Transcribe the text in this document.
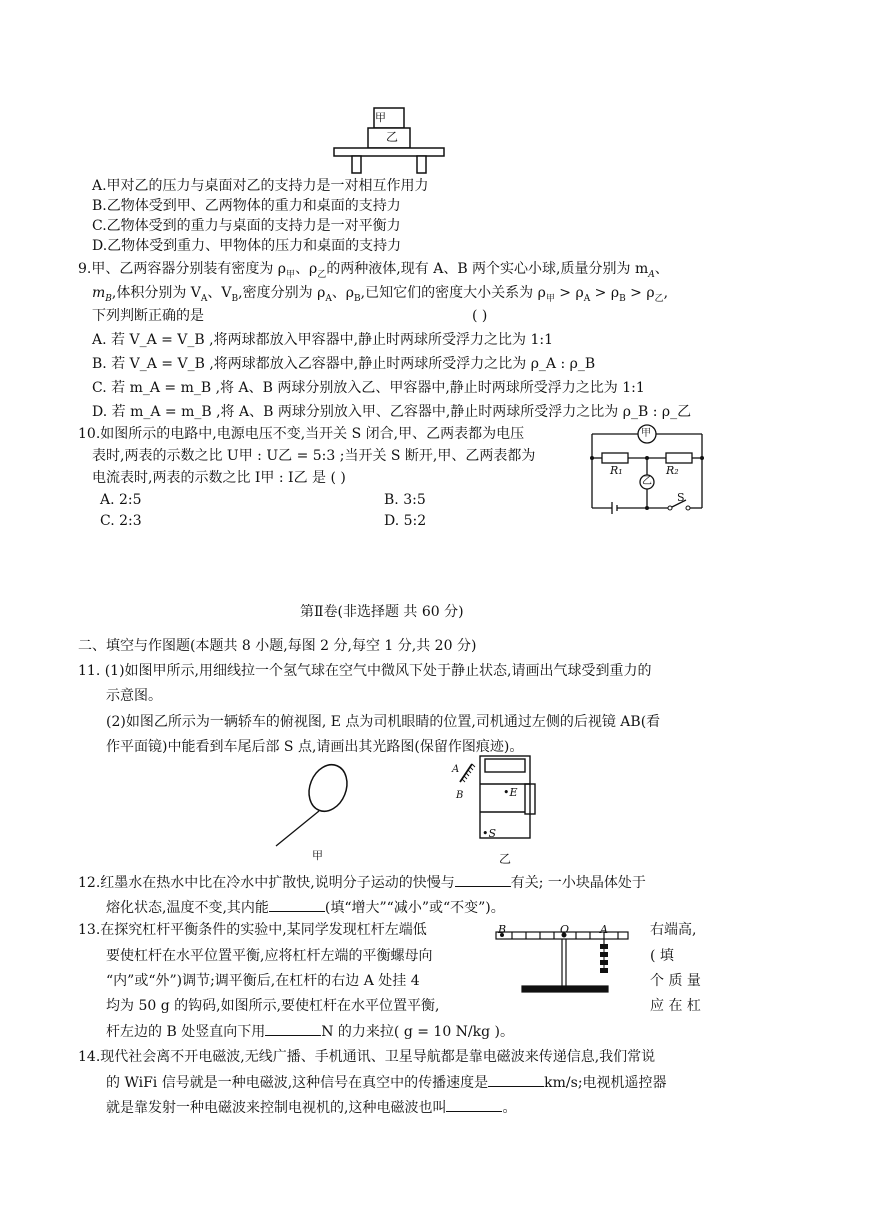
甲
乙
A.甲对乙的压力与桌面对乙的支持力是一对相互作用力
B.乙物体受到甲、乙两物体的重力和桌面的支持力
C.乙物体受到的重力与桌面的支持力是一对平衡力
D.乙物体受到重力、甲物体的压力和桌面的支持力
9.甲、乙两容器分别装有密度为 $\rho_甲$、$\rho_乙$的两种液体,现有 A、B 两个实心小球,质量分别为 $m_A$、
$m_B$,体积分别为 $V_A$、$V_B$,密度分别为 $\rho_A$、$\rho_B$,已知它们的密度大小关系为 $\rho_甲 > \rho_A > \rho_B > \rho_乙$,
下列判断正确的是	( )
A. 若 V_A = V_B ,将两球都放入甲容器中,静止时两球所受浮力之比为 1:1
B. 若 V_A = V_B ,将两球都放入乙容器中,静止时两球所受浮力之比为 ρ_A : ρ_B
C. 若 m_A = m_B ,将 A、B 两球分别放入乙、甲容器中,静止时两球所受浮力之比为 1:1
D. 若 m_A = m_B ,将 A、B 两球分别放入甲、乙容器中,静止时两球所受浮力之比为 ρ_B : ρ_乙
10.如图所示的电路中,电源电压不变,当开关 S 闭合,甲、乙两表都为电压
表时,两表的示数之比 U甲 : U乙 = 5:3 ;当开关 S 断开,甲、乙两表都为
电流表时,两表的示数之比 I甲 : I乙 是 ( )
A. 2:5	B. 3:5
C. 2:3	D. 5:2
甲
乙
R₁	R₂
S
第Ⅱ卷(非选择题 共 60 分)
二、填空与作图题(本题共 8 小题,每图 2 分,每空 1 分,共 20 分)
11. (1)如图甲所示,用细线拉一个氢气球在空气中微风下处于静止状态,请画出气球受到重力的
示意图。
(2)如图乙所示为一辆轿车的俯视图, E 点为司机眼睛的位置,司机通过左侧的后视镜 AB(看
作平面镜)中能看到车尾后部 S 点,请画出其光路图(保留作图痕迹)。
甲
A
B	•E
•S
乙
12.红墨水在热水中比在冷水中扩散快,说明分子运动的快慢与	有关; 一小块晶体处于
熔化状态,温度不变,其内能	(填“增大”“减小”或“不变”)。
13.在探究杠杆平衡条件的实验中,某同学发现杠杆左端低	右端高,
要使杠杆在水平位置平衡,应将杠杆左端的平衡螺母向	( 填
“内”或“外”)调节;调平衡后,在杠杆的右边 A 处挂 4	个 质 量
均为 50 g 的钩码,如图所示,要使杠杆在水平位置平衡,	应 在 杠
杆左边的 B 处竖直向下用	N 的力来拉( g = 10 N/kg )。
B	O	A
14.现代社会离不开电磁波,无线广播、手机通讯、卫星导航都是靠电磁波来传递信息,我们常说
的 WiFi 信号就是一种电磁波,这种信号在真空中的传播速度是	km/s;电视机遥控器
就是靠发射一种电磁波来控制电视机的,这种电磁波也叫	。
